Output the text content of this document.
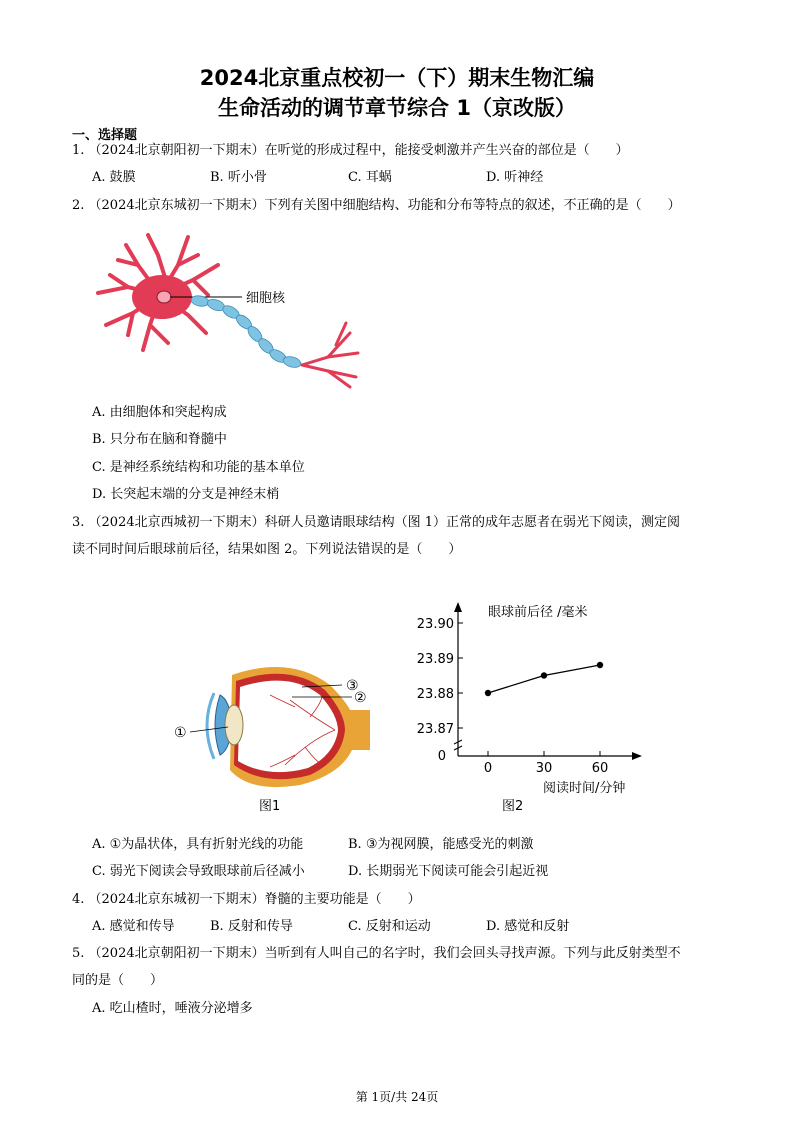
2024北京重点校初一（下）期末生物汇编
生命活动的调节章节综合 1（京改版）
一、选择题
1. （2024北京朝阳初一下期末）在听觉的形成过程中，能接受刺激并产生兴奋的部位是（　　）
A. 鼓膜	B. 听小骨	C. 耳蜗	D. 听神经
2. （2024北京东城初一下期末）下列有关图中细胞结构、功能和分布等特点的叙述，不正确的是（　　）
细胞核
A. 由细胞体和突起构成
B. 只分布在脑和脊髓中
C. 是神经系统结构和功能的基本单位
D. 长突起末端的分支是神经末梢
3. （2024北京西城初一下期末）科研人员邀请眼球结构（图 1）正常的成年志愿者在弱光下阅读，测定阅
读不同时间后眼球前后径，结果如图 2。下列说法错误的是（　　）
①
③
②
图1
眼球前后径 /毫米
阅读时间/分钟
0
23.87
23.88
23.89
23.90
0	30	60
图2
A. ①为晶状体，具有折射光线的功能	B. ③为视网膜，能感受光的刺激
C. 弱光下阅读会导致眼球前后径减小	D. 长期弱光下阅读可能会引起近视
4. （2024北京东城初一下期末）脊髓的主要功能是（　　）
A. 感觉和传导	B. 反射和传导	C. 反射和运动	D. 感觉和反射
5. （2024北京朝阳初一下期末）当听到有人叫自己的名字时，我们会回头寻找声源。下列与此反射类型不
同的是（　　）
A. 吃山楂时，唾液分泌增多
第 1页/共 24页
